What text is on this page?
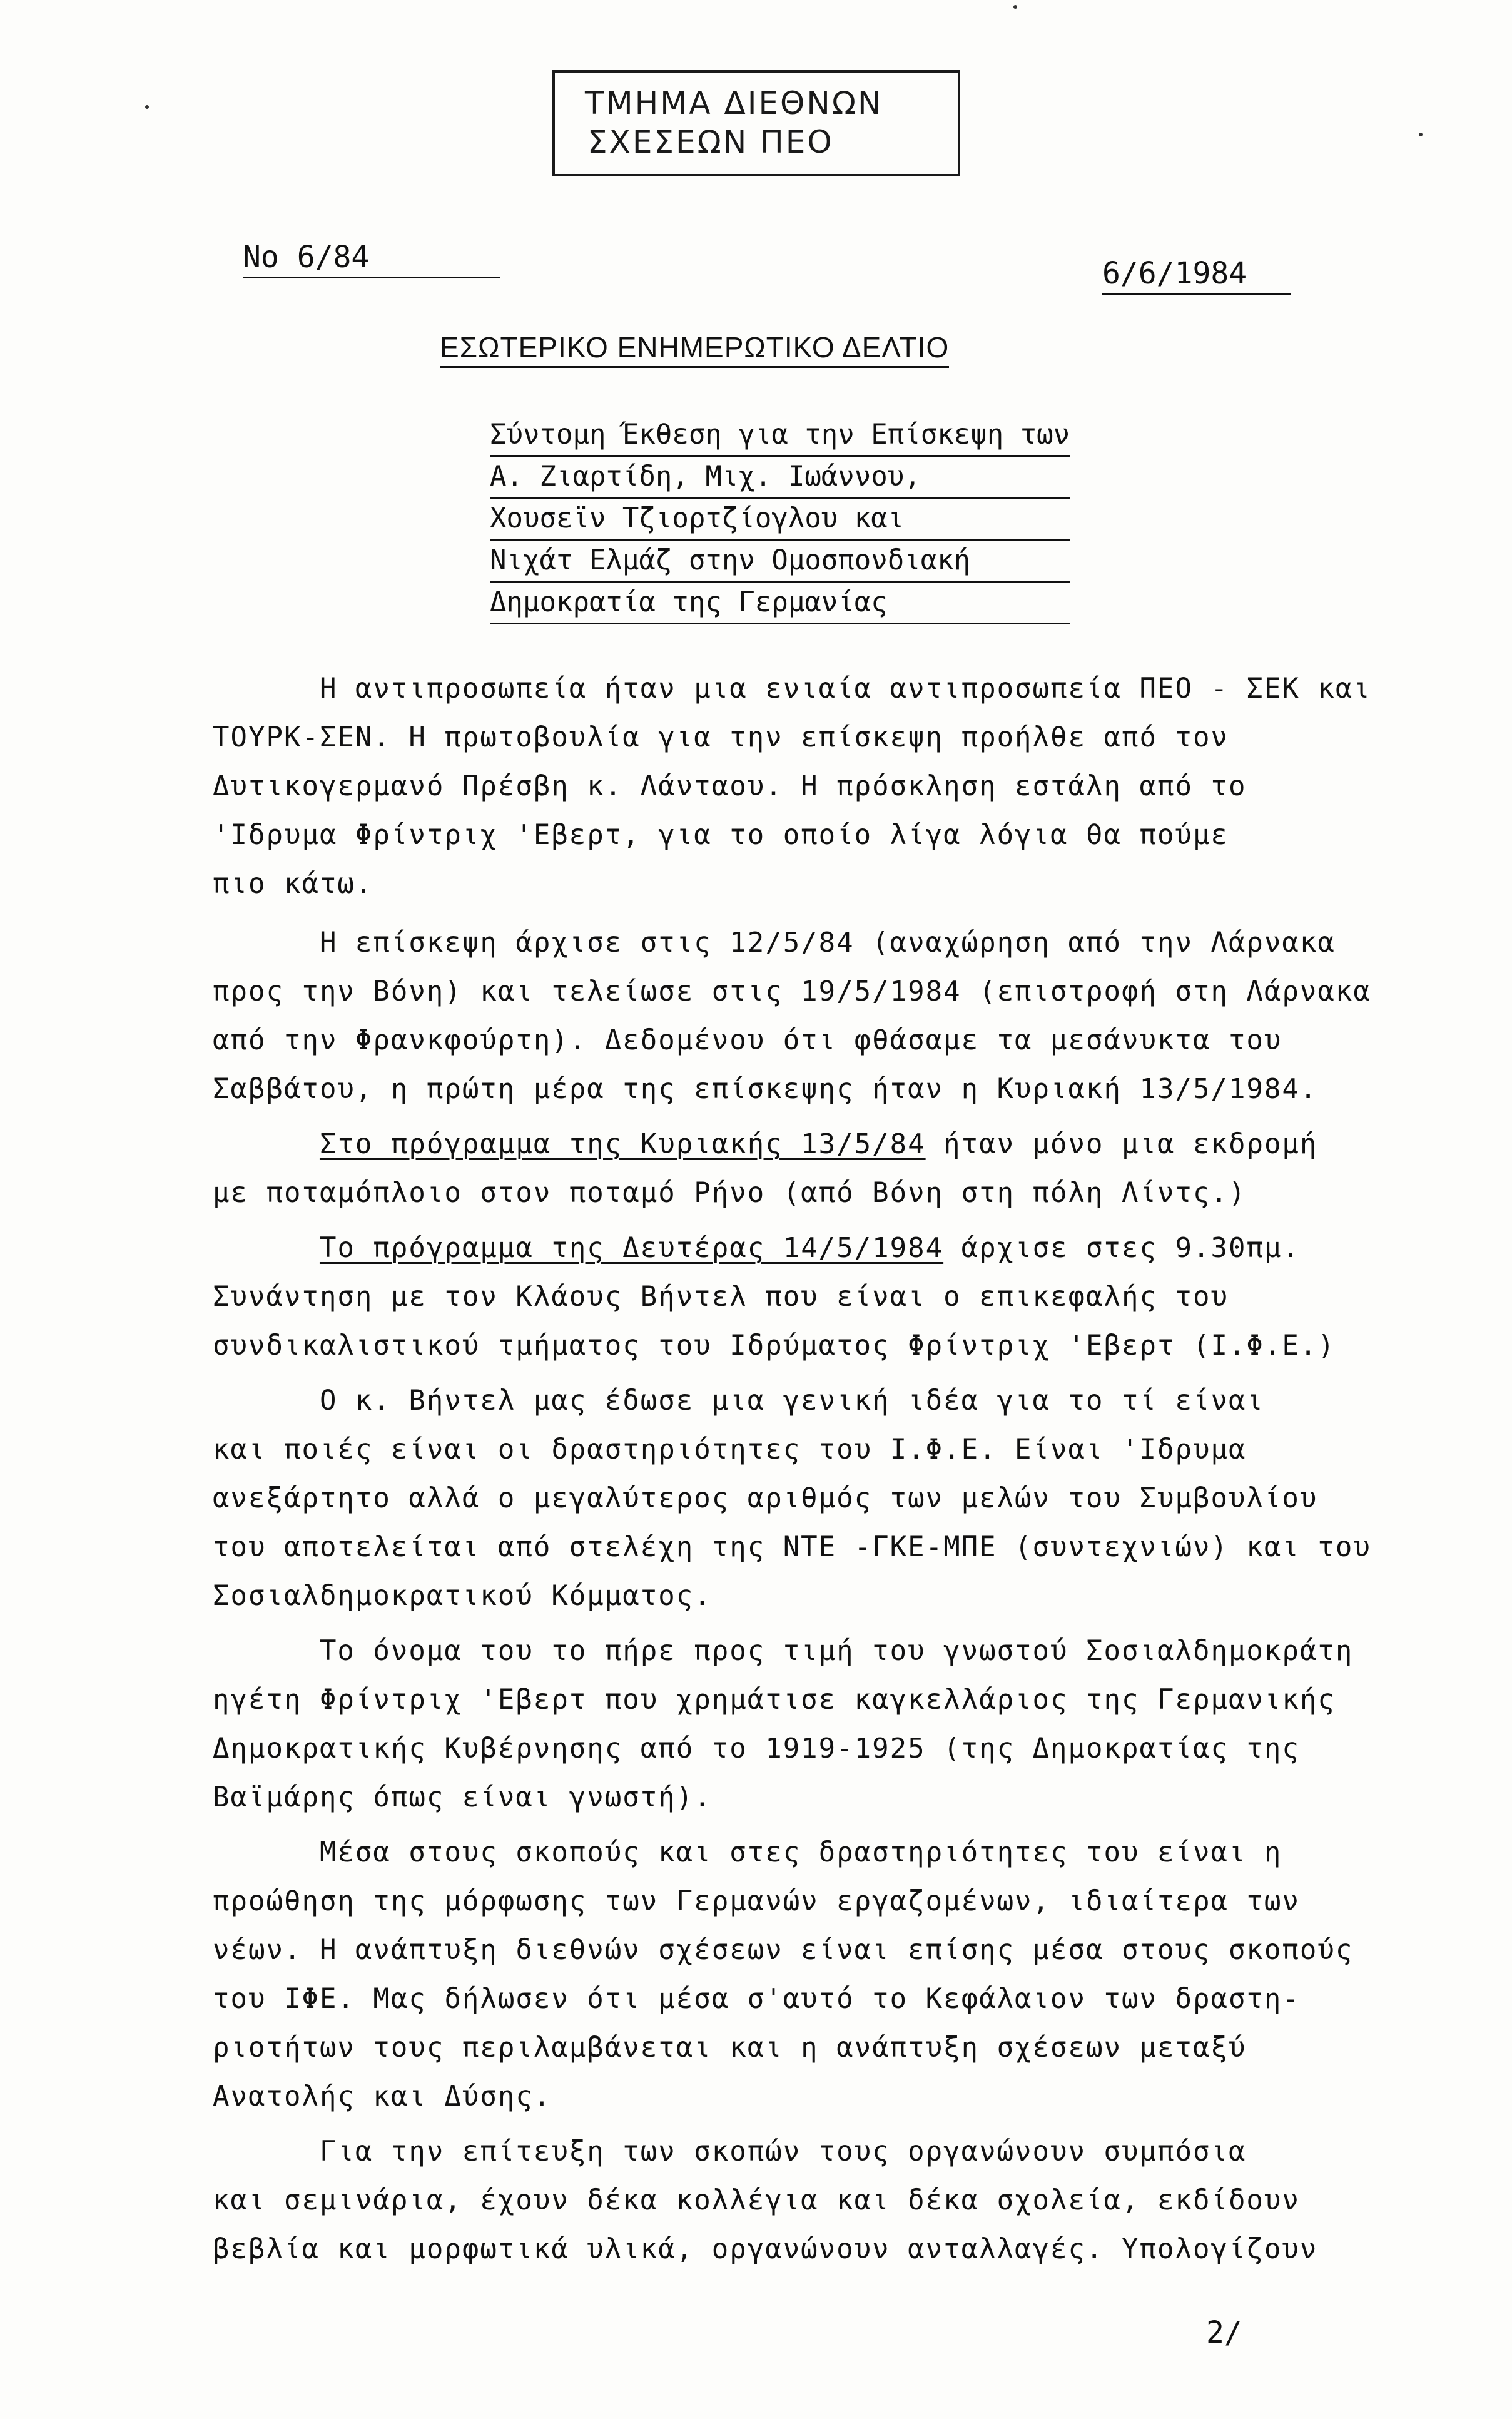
ΤΜΗΜΑ ΔΙΕΘΝΩΝ
ΣΧΕΣΕΩΝ ΠΕΟ
No 6/84	6/6/1984
ΕΣΩΤΕΡΙΚΟ ΕΝΗΜΕΡΩΤΙΚΟ ΔΕΛΤΙΟ
Σύντομη Έκθεση για την Επίσκεψη των
Α. Ζιαρτίδη, Μιχ. Ιωάννου,
Χουσεϊν Τζιορτζίογλου και
Νιχάτ Ελμάζ στην Ομοσπονδιακή
Δημοκρατία της Γερμανίας
Η αντιπροσωπεία ήταν μια ενιαία αντιπροσωπεία ΠΕΟ - ΣΕΚ και
ΤΟΥΡΚ-ΣΕΝ. Η πρωτοβουλία για την επίσκεψη προήλθε από τον
Δυτικογερμανό Πρέσβη κ. Λάνταου. Η πρόσκληση εστάλη από το
'Ιδρυμα Φρίντριχ 'Εβερτ, για το οποίο λίγα λόγια θα πούμε
πιο κάτω.
Η επίσκεψη άρχισε στις 12/5/84 (αναχώρηση από την Λάρνακα
προς την Βόνη) και τελείωσε στις 19/5/1984 (επιστροφή στη Λάρνακα
από την Φρανκφούρτη). Δεδομένου ότι φθάσαμε τα μεσάνυκτα του
Σαββάτου, η πρώτη μέρα της επίσκεψης ήταν η Κυριακή 13/5/1984.
Στο πρόγραμμα της Κυριακής 13/5/84 ήταν μόνο μια εκδρομή
με ποταμόπλοιο στον ποταμό Ρήνο (από Βόνη στη πόλη Λίντς.)
Το πρόγραμμα της Δευτέρας 14/5/1984 άρχισε στες 9.30πμ.
Συνάντηση με τον Κλάους Βήντελ που είναι ο επικεφαλής του
συνδικαλιστικού τμήματος του Ιδρύματος Φρίντριχ 'Εβερτ (Ι.Φ.Ε.)
Ο κ. Βήντελ μας έδωσε μια γενική ιδέα για το τί είναι
και ποιές είναι οι δραστηριότητες του Ι.Φ.Ε. Είναι 'Ιδρυμα
ανεξάρτητο αλλά ο μεγαλύτερος αριθμός των μελών του Συμβουλίου
του αποτελείται από στελέχη της ΝΤΕ -ΓΚΕ-ΜΠΕ (συντεχνιών) και του
Σοσιαλδημοκρατικού Κόμματος.
Το όνομα του το πήρε προς τιμή του γνωστού Σοσιαλδημοκράτη
ηγέτη Φρίντριχ 'Εβερτ που χρημάτισε καγκελλάριος της Γερμανικής
Δημοκρατικής Κυβέρνησης από το 1919-1925 (της Δημοκρατίας της
Βαϊμάρης όπως είναι γνωστή).
Μέσα στους σκοπούς και στες δραστηριότητες του είναι η
προώθηση της μόρφωσης των Γερμανών εργαζομένων, ιδιαίτερα των
νέων. Η ανάπτυξη διεθνών σχέσεων είναι επίσης μέσα στους σκοπούς
του ΙΦΕ. Μας δήλωσεν ότι μέσα σ'αυτό το Κεφάλαιον των δραστη-
ριοτήτων τους περιλαμβάνεται και η ανάπτυξη σχέσεων μεταξύ
Ανατολής και Δύσης.
Για την επίτευξη των σκοπών τους οργανώνουν συμπόσια
και σεμινάρια, έχουν δέκα κολλέγια και δέκα σχολεία, εκδίδουν
βεβλία και μορφωτικά υλικά, οργανώνουν ανταλλαγές. Υπολογίζουν
2/
